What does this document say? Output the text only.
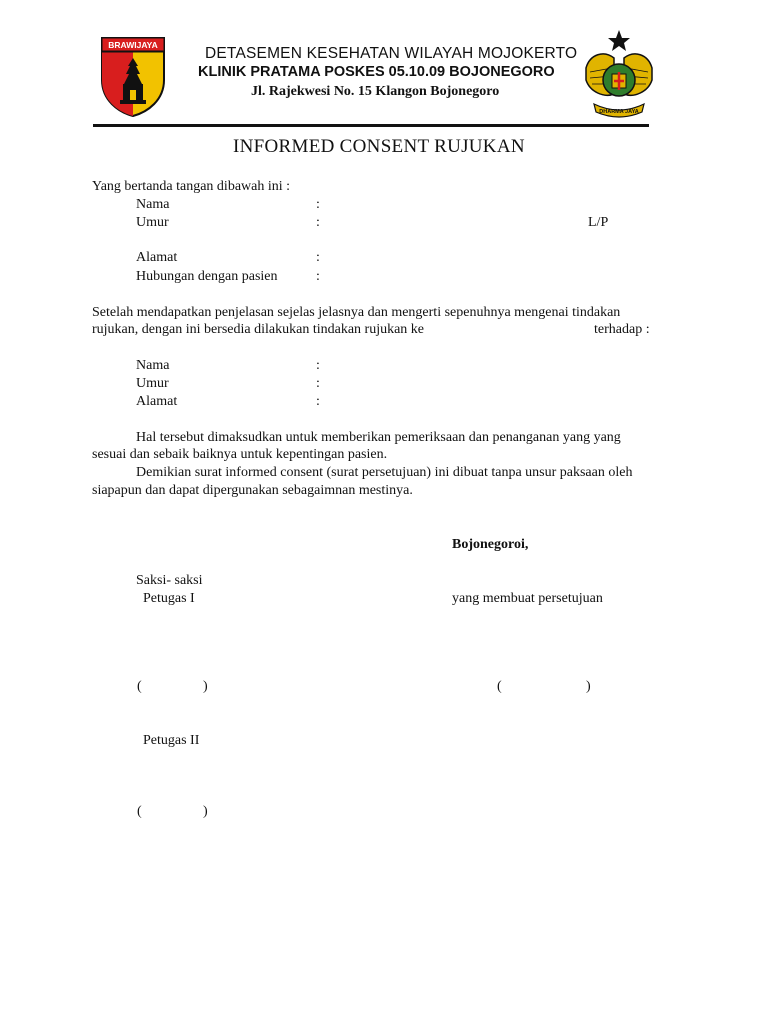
BRAWIJAYA	DETASEMEN KESEHATAN WILAYAH MOJOKERTO
KLINIK PRATAMA POSKES 05.10.09 BOJONEGORO
Jl. Rajekwesi No. 15 Klangon Bojonegoro
DHARMA JAYA
INFORMED CONSENT RUJUKAN
Yang bertanda tangan dibawah ini :
Nama	:
Umur	:	L/P
Alamat	:
Hubungan dengan pasien	:
Setelah mendapatkan penjelasan sejelas jelasnya dan mengerti sepenuhnya mengenai tindakan
rujukan, dengan ini bersedia dilakukan tindakan rujukan ke	terhadap :
Nama	:
Umur	:
Alamat	:
Hal tersebut dimaksudkan untuk memberikan pemeriksaan dan penanganan yang yang
sesuai dan sebaik baiknya untuk kepentingan pasien.
Demikian surat informed consent (surat persetujuan) ini dibuat tanpa unsur paksaan oleh
siapapun dan dapat dipergunakan sebagaimnan mestinya.
Bojonegoroi,
Saksi- saksi
Petugas I	yang membuat persetujuan
(	)	(	)
Petugas II
(	)
